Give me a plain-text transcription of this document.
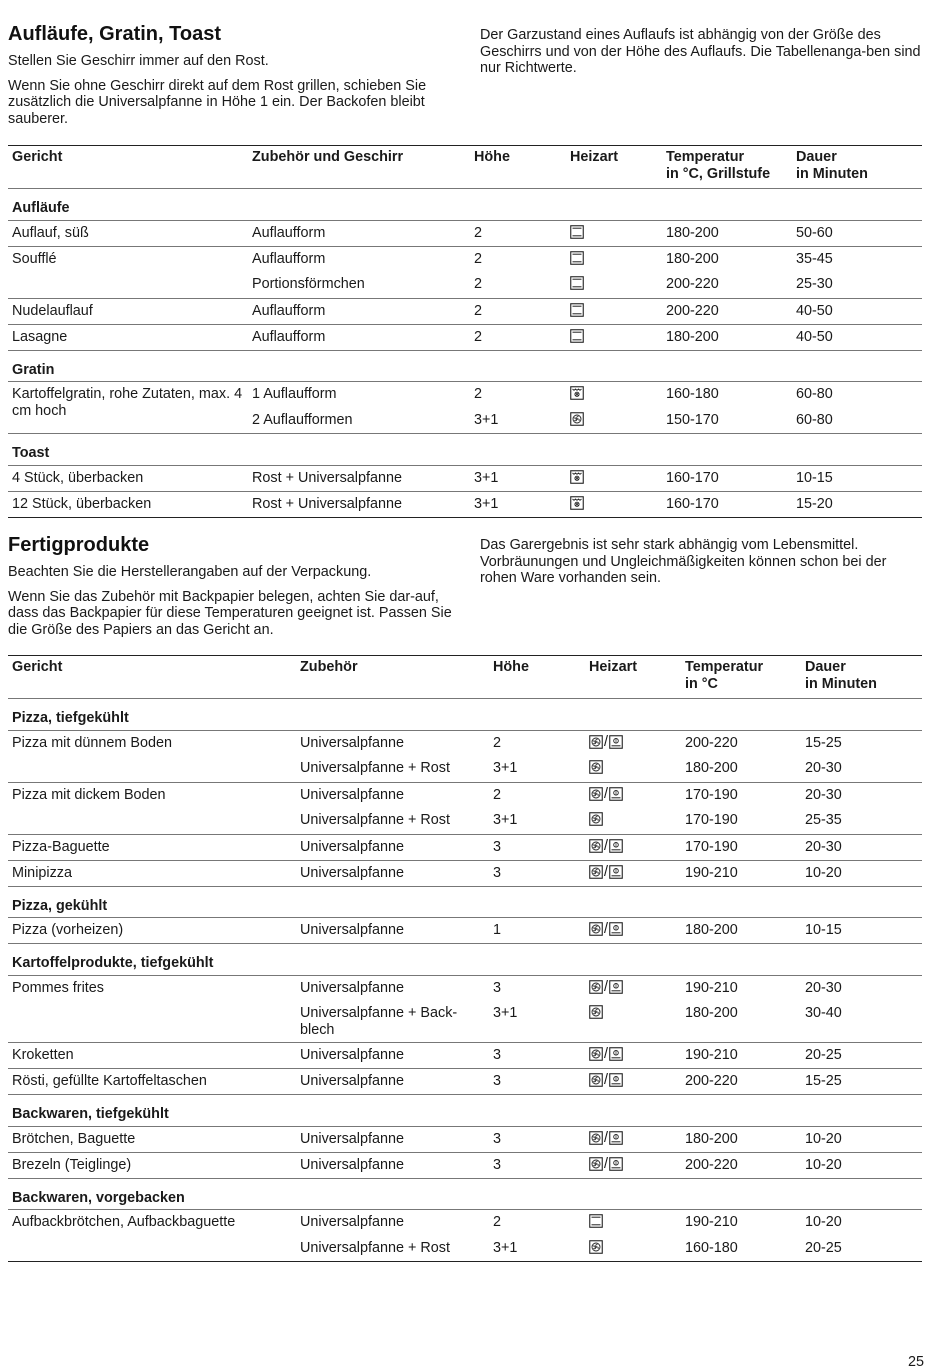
Aufläufe, Gratin, Toast

Stellen Sie Geschirr immer auf den Rost.

Wenn Sie ohne Geschirr direkt auf dem Rost grillen, schieben Sie zusätzlich die Universalpfanne in Höhe 1 ein. Der Backofen bleibt sauberer.

Der Garzustand eines Auflaufs ist abhängig von der Größe des Geschirrs und von der Höhe des Auflaufs. Die Tabellenanga-ben sind nur Richtwerte.
Gericht	Zubehör und Geschirr	Höhe	Heizart	Temperatur
in °C, Grillstufe	Dauer
in Minuten
Aufläufe					
Auflauf, süß	Auflaufform	2		180-200	50-60
Soufflé	Auflaufform	2		180-200	35-45
	Portionsförmchen	2		200-220	25-30
Nudelauflauf	Auflaufform	2		200-220	40-50
Lasagne	Auflaufform	2		180-200	40-50
Gratin					
Kartoffelgratin, rohe Zutaten, max. 4 cm hoch	1 Auflaufform	2		160-180	60-80
	2 Auflaufformen	3+1		150-170	60-80
Toast					
4 Stück, überbacken	Rost + Universalpfanne	3+1		160-170	10-15
12 Stück, überbacken	Rost + Universalpfanne	3+1		160-170	15-20
Fertigprodukte

Beachten Sie die Herstellerangaben auf der Verpackung.

Wenn Sie das Zubehör mit Backpapier belegen, achten Sie dar-auf, dass das Backpapier für diese Temperaturen geeignet ist. Passen Sie die Größe des Papiers an das Gericht an.

Das Garergebnis ist sehr stark abhängig vom Lebensmittel. Vorbräunungen und Ungleichmäßigkeiten können schon bei der rohen Ware vorhanden sein.
Gericht	Zubehör	Höhe	Heizart	Temperatur
in °C	Dauer
in Minuten
Pizza, tiefgekühlt					
Pizza mit dünnem Boden	Universalpfanne	2	/	200-220	15-25
	Universalpfanne + Rost	3+1		180-200	20-30
Pizza mit dickem Boden	Universalpfanne	2	/	170-190	20-30
	Universalpfanne + Rost	3+1		170-190	25-35
Pizza-Baguette	Universalpfanne	3	/	170-190	20-30
Minipizza	Universalpfanne	3	/	190-210	10-20
Pizza, gekühlt					
Pizza (vorheizen)	Universalpfanne	1	/	180-200	10-15
Kartoffelprodukte, tiefgekühlt					
Pommes frites	Universalpfanne	3	/	190-210	20-30
	Universalpfanne + Back-blech	3+1		180-200	30-40
Kroketten	Universalpfanne	3	/	190-210	20-25
Rösti, gefüllte Kartoffeltaschen	Universalpfanne	3	/	200-220	15-25
Backwaren, tiefgekühlt					
Brötchen, Baguette	Universalpfanne	3	/	180-200	10-20
Brezeln (Teiglinge)	Universalpfanne	3	/	200-220	10-20
Backwaren, vorgebacken					
Aufbackbrötchen, Aufbackbaguette	Universalpfanne	2		190-210	10-20
	Universalpfanne + Rost	3+1		160-180	20-25
25
